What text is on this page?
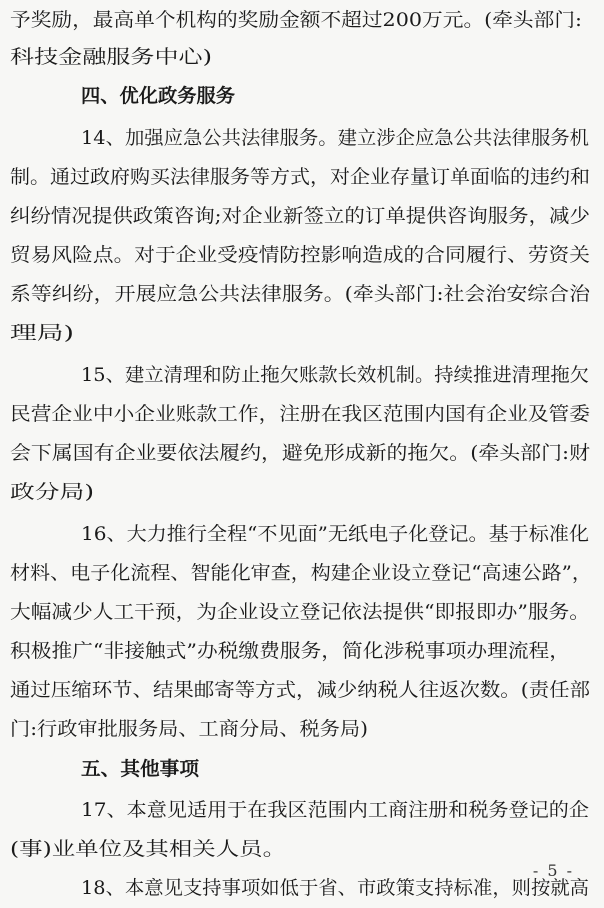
予奖励，最高单个机构的奖励金额不超过200万元。(牵头部门:
科技金融服务中心)
四、优化政务服务
14、加强应急公共法律服务。建立涉企应急公共法律服务机
制。通过政府购买法律服务等方式，对企业存量订单面临的违约和
纠纷情况提供政策咨询;对企业新签立的订单提供咨询服务，减少
贸易风险点。对于企业受疫情防控影响造成的合同履行、劳资关
系等纠纷，开展应急公共法律服务。(牵头部门:社会治安综合治
理局)
15、建立清理和防止拖欠账款长效机制。持续推进清理拖欠
民营企业中小企业账款工作，注册在我区范围内国有企业及管委
会下属国有企业要依法履约，避免形成新的拖欠。(牵头部门:财
政分局)
16、大力推行全程“不见面”无纸电子化登记。基于标准化
材料、电子化流程、智能化审查，构建企业设立登记“高速公路”，
大幅减少人工干预，为企业设立登记依法提供“即报即办”服务。
积极推广“非接触式”办税缴费服务，简化涉税事项办理流程，
通过压缩环节、结果邮寄等方式，减少纳税人往返次数。(责任部
门:行政审批服务局、工商分局、税务局)
五、其他事项
17、本意见适用于在我区范围内工商注册和税务登记的企
(事)业单位及其相关人员。
18、本意见支持事项如低于省、市政策支持标准，则按就高
- 5 -
